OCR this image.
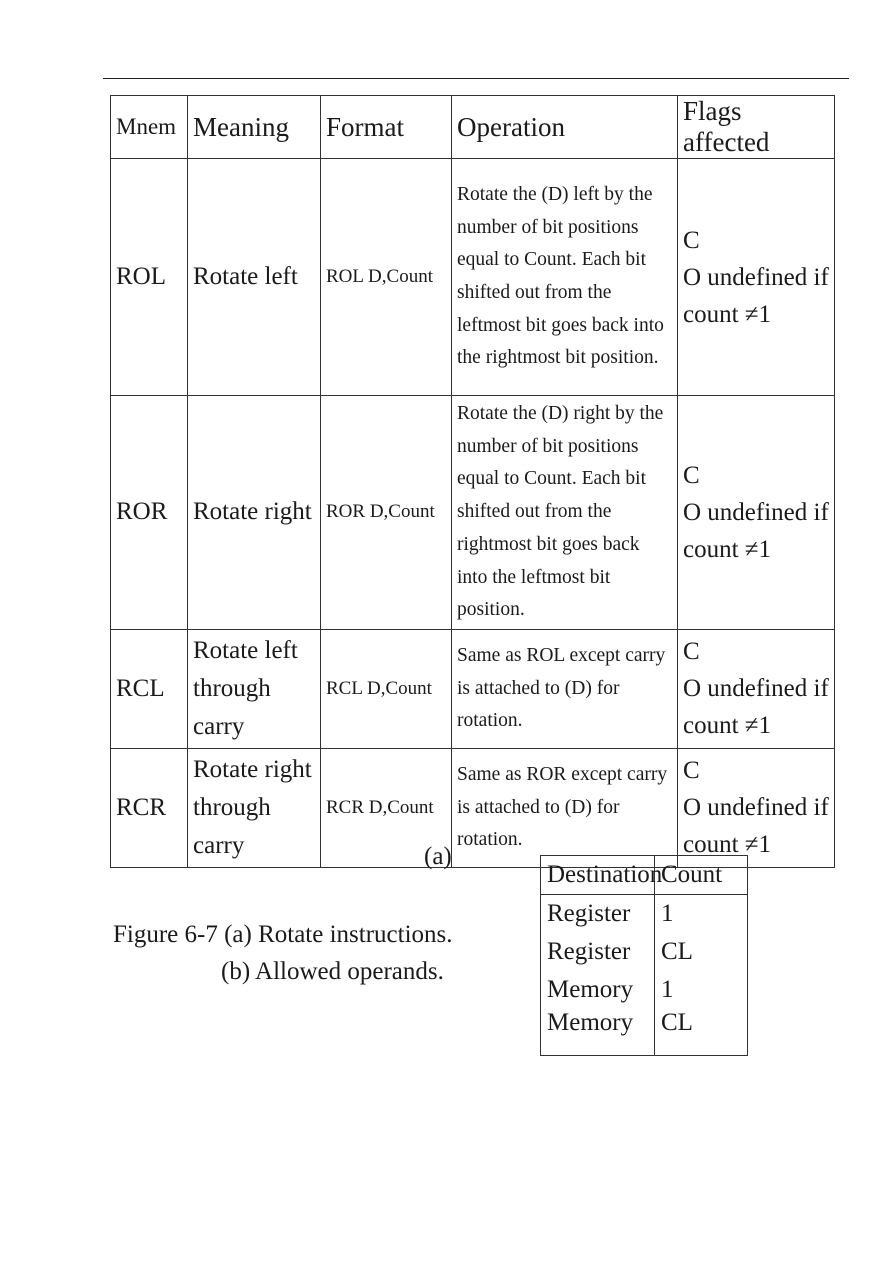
Mnem	Meaning	Format	Operation	Flags affected
ROL	Rotate left	ROL D,Count	Rotate the (D) left by the number of bit positions equal to Count. Each bit shifted out from the leftmost bit goes back into the rightmost bit position.	C
O undefined if count ≠1

ROR	Rotate right	ROR D,Count	Rotate the (D) right by the number of bit positions equal to Count. Each bit shifted out from the rightmost bit goes back into the leftmost bit position.	C
O undefined if count ≠1

RCL	Rotate left through carry	RCL D,Count	Same as ROL except carry is attached to (D) for rotation.	C
O undefined if count ≠1

RCR	Rotate right through carry	RCR D,Count	Same as ROR except carry is attached to (D) for rotation.	C
O undefined if count ≠1
(a)
Figure 6-7 (a) Rotate instructions.
(b) Allowed operands.
Destination	Count
Register	1
Register	CL
Memory	1
Memory	CL
